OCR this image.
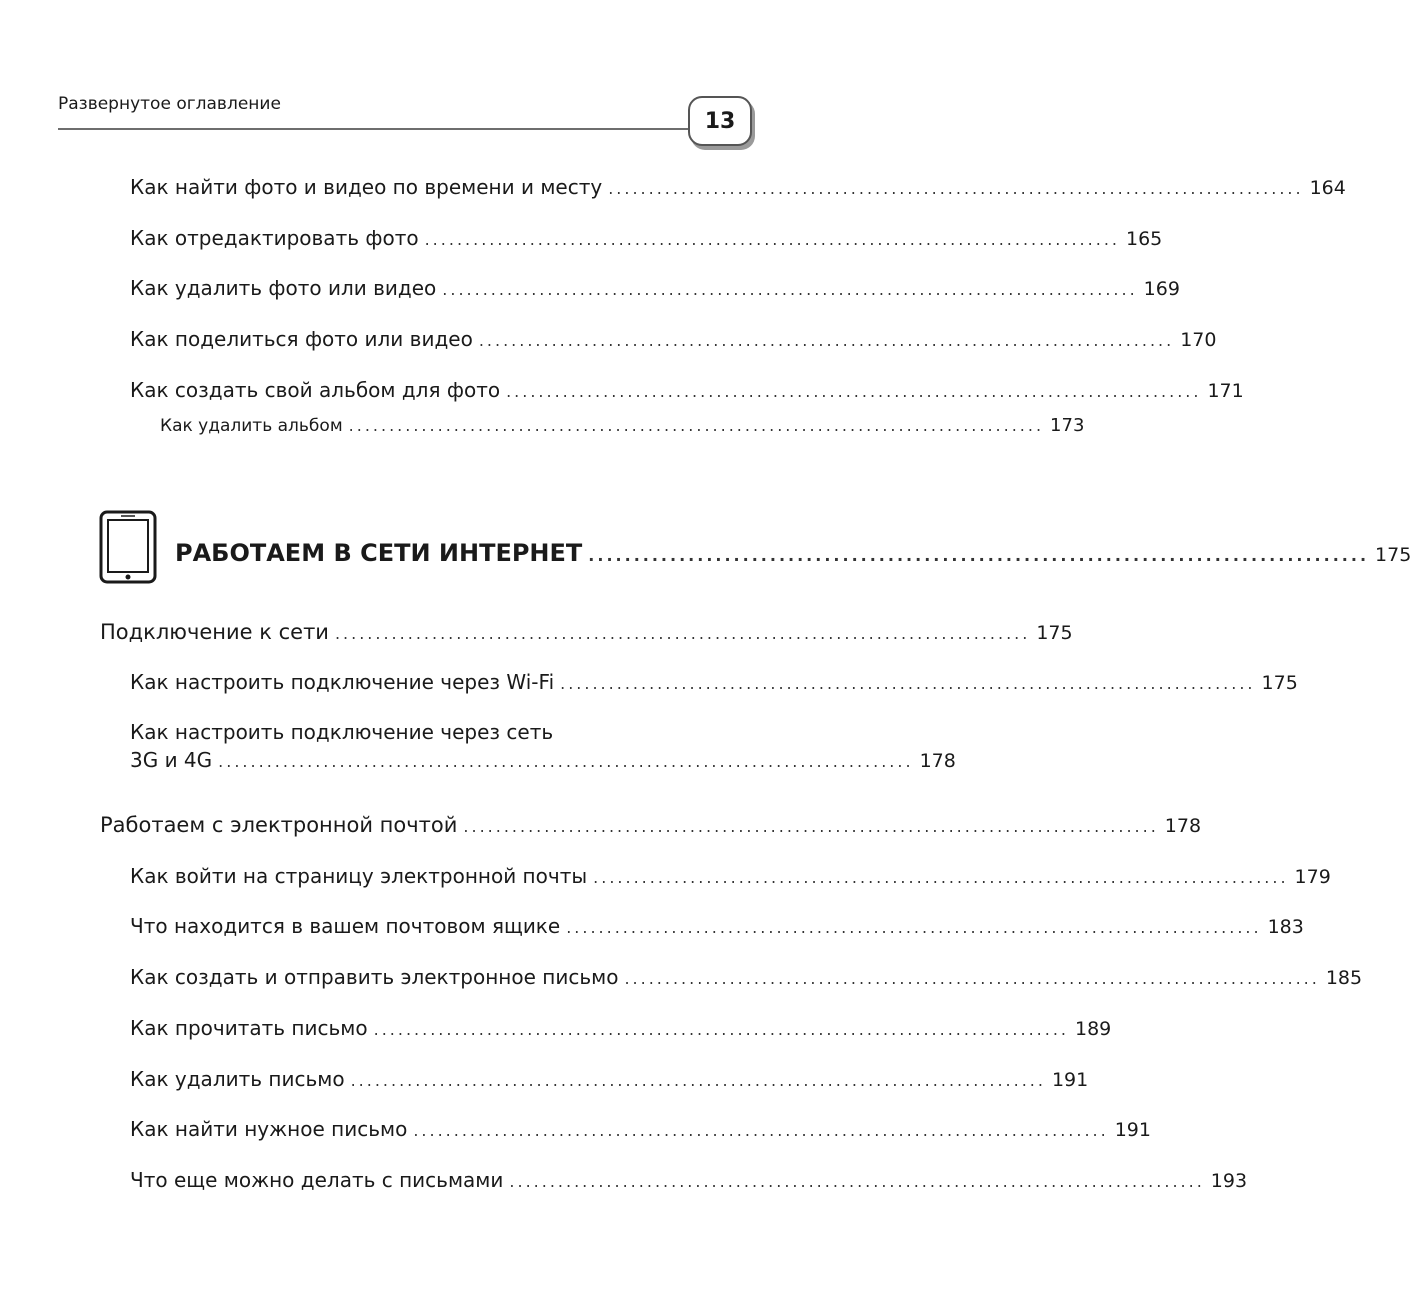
Развернутое оглавление
13
Как найти фото и видео по времени и месту ...................................................................................... 164
Как отредактировать фото ...................................................................................... 165
Как удалить фото или видео ...................................................................................... 169
Как поделиться фото или видео ...................................................................................... 170
Как создать свой альбом для фото ...................................................................................... 171
Как удалить альбом ...................................................................................... 173
РАБОТАЕМ В СЕТИ ИНТЕРНЕТ ...................................................................................... 175
Подключение к сети ...................................................................................... 175
Как настроить подключение через Wi-Fi ...................................................................................... 175
Как настроить подключение через сеть
3G и 4G ...................................................................................... 178
Работаем с электронной почтой ...................................................................................... 178
Как войти на страницу электронной почты ...................................................................................... 179
Что находится в вашем почтовом ящике ...................................................................................... 183
Как создать и отправить электронное письмо ...................................................................................... 185
Как прочитать письмо ...................................................................................... 189
Как удалить письмо ...................................................................................... 191
Как найти нужное письмо ...................................................................................... 191
Что еще можно делать с письмами ...................................................................................... 193
